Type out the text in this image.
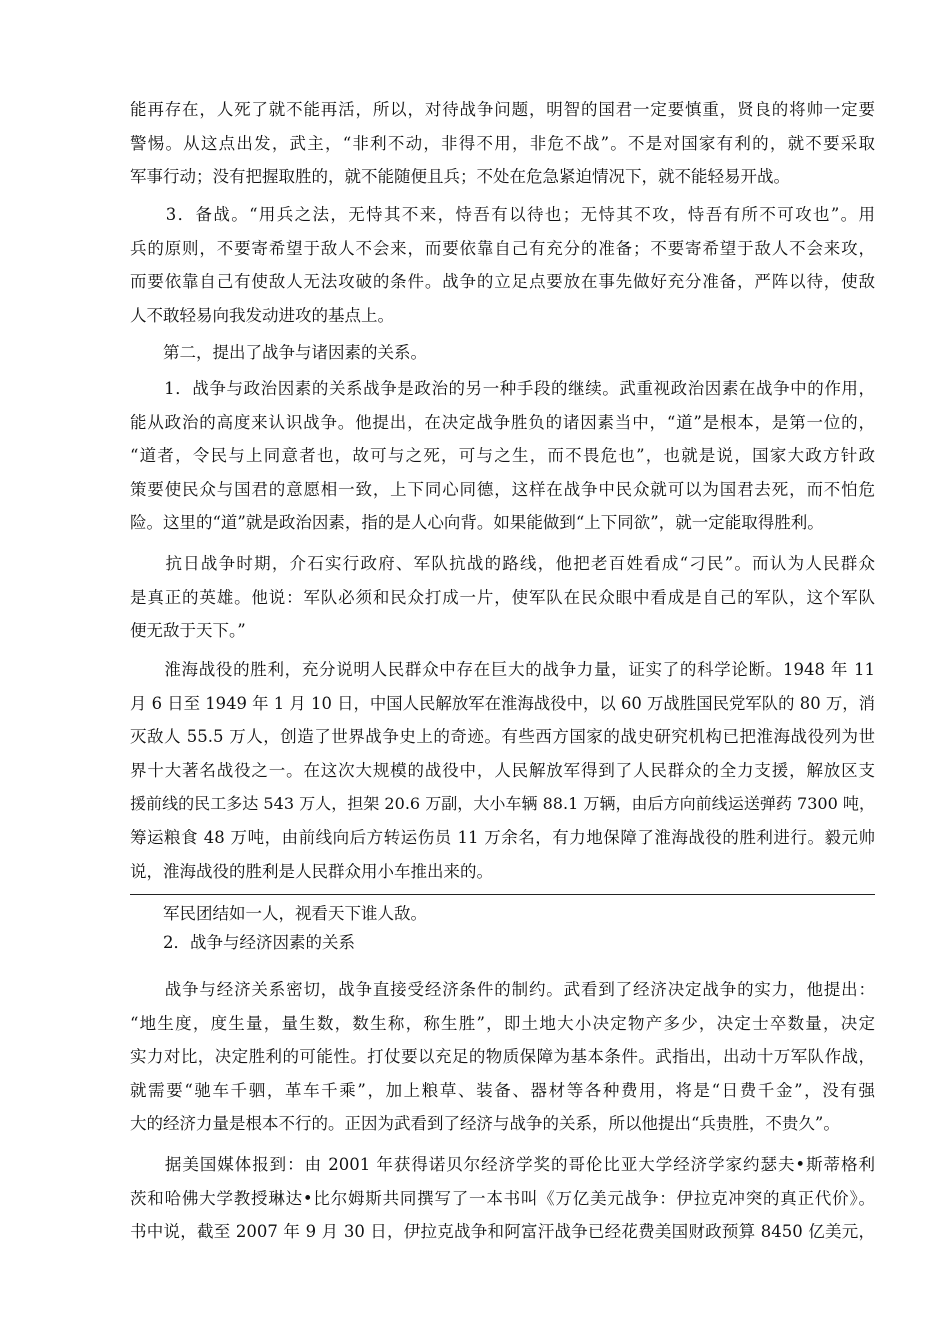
能再存在，人死了就不能再活，所以，对待战争问题，明智的国君一定要慎重，贤良的将帅一定要
警惕。从这点出发，武主，“非利不动，非得不用，非危不战”。不是对国家有利的，就不要采取
军事行动；没有把握取胜的，就不能随便且兵；不处在危急紧迫情况下，就不能轻易开战。

　　3．备战。“用兵之法，无恃其不来，恃吾有以待也；无恃其不攻，恃吾有所不可攻也”。用
兵的原则，不要寄希望于敌人不会来，而要依靠自己有充分的准备；不要寄希望于敌人不会来攻，
而要依靠自己有使敌人无法攻破的条件。战争的立足点要放在事先做好充分准备，严阵以待，使敌
人不敢轻易向我发动进攻的基点上。

　　第二，提出了战争与诸因素的关系。

　　1．战争与政治因素的关系战争是政治的另一种手段的继续。武重视政治因素在战争中的作用，
能从政治的高度来认识战争。他提出，在决定战争胜负的诸因素当中，“道”是根本，是第一位的，
“道者，令民与上同意者也，故可与之死，可与之生，而不畏危也”，也就是说，国家大政方针政
策要使民众与国君的意愿相一致，上下同心同德，这样在战争中民众就可以为国君去死，而不怕危
险。这里的“道”就是政治因素，指的是人心向背。如果能做到“上下同欲”，就一定能取得胜利。

　　抗日战争时期，介石实行政府、军队抗战的路线，他把老百姓看成“刁民”。而认为人民群众
是真正的英雄。他说：军队必须和民众打成一片，使军队在民众眼中看成是自己的军队，这个军队
便无敌于天下。”

　　淮海战役的胜利，充分说明人民群众中存在巨大的战争力量，证实了的科学论断。1948 年 11
月 6 日至 1949 年 1 月 10 日，中国人民解放军在淮海战役中，以 60 万战胜国民党军队的 80 万，消
灭敌人 55.5 万人，创造了世界战争史上的奇迹。有些西方国家的战史研究机构已把淮海战役列为世
界十大著名战役之一。在这次大规模的战役中，人民解放军得到了人民群众的全力支援，解放区支
援前线的民工多达 543 万人，担架 20.6 万副，大小车辆 88.1 万辆，由后方向前线运送弹药 7300 吨，
筹运粮食 48 万吨，由前线向后方转运伤员 11 万余名，有力地保障了淮海战役的胜利进行。毅元帅
说，淮海战役的胜利是人民群众用小车推出来的。

　　军民团结如一人，视看天下谁人敌。

　　2．战争与经济因素的关系

　　战争与经济关系密切，战争直接受经济条件的制约。武看到了经济决定战争的实力，他提出：
“地生度，度生量，量生数，数生称，称生胜”，即土地大小决定物产多少，决定士卒数量，决定
实力对比，决定胜利的可能性。打仗要以充足的物质保障为基本条件。武指出，出动十万军队作战，
就需要“驰车千驷，革车千乘”，加上粮草、装备、器材等各种费用，将是“日费千金”，没有强
大的经济力量是根本不行的。正因为武看到了经济与战争的关系，所以他提出“兵贵胜，不贵久”。

　　据美国媒体报到：由 2001 年获得诺贝尔经济学奖的哥伦比亚大学经济学家约瑟夫•斯蒂格利
茨和哈佛大学教授琳达•比尔姆斯共同撰写了一本书叫《万亿美元战争：伊拉克冲突的真正代价》。
书中说，截至 2007 年 9 月 30 日，伊拉克战争和阿富汗战争已经花费美国财政预算 8450 亿美元，
